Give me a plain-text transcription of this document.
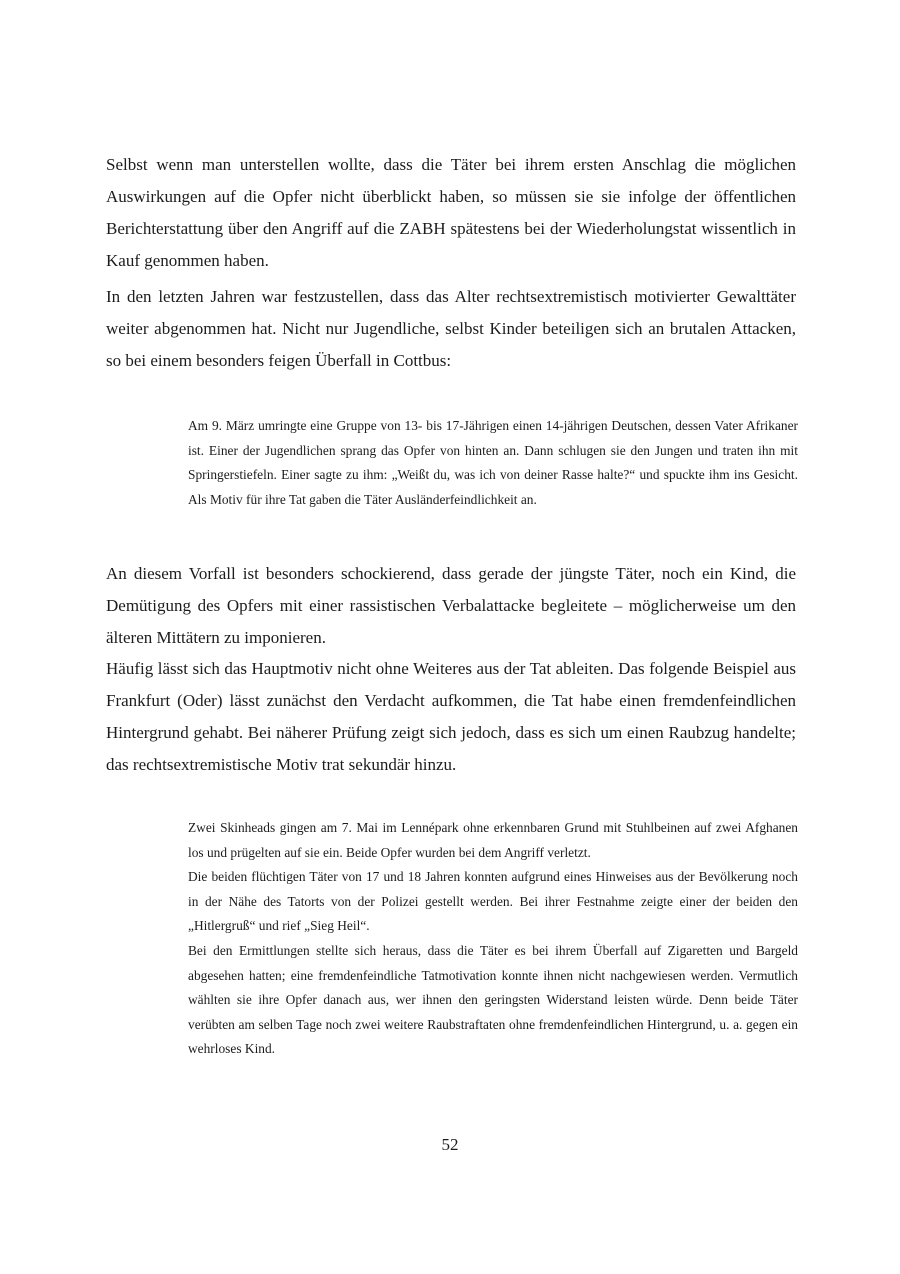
Selbst wenn man unterstellen wollte, dass die Täter bei ihrem ersten Anschlag die möglichen Auswirkungen auf die Opfer nicht überblickt haben, so müssen sie sie infolge der öffentlichen Berichterstattung über den Angriff auf die ZABH spätestens bei der Wiederholungstat wissentlich in Kauf genommen haben.

In den letzten Jahren war festzustellen, dass das Alter rechtsextremistisch motivierter Gewalttäter weiter abgenommen hat. Nicht nur Jugendliche, selbst Kinder beteiligen sich an brutalen Attacken, so bei einem besonders feigen Überfall in Cottbus:

Am 9. März umringte eine Gruppe von 13- bis 17-Jährigen einen 14-jährigen Deutschen, dessen Vater Afrikaner ist. Einer der Jugendlichen sprang das Opfer von hinten an. Dann schlugen sie den Jungen und traten ihn mit Springerstiefeln. Einer sagte zu ihm: „Weißt du, was ich von deiner Rasse halte?“ und spuckte ihm ins Gesicht. Als Motiv für ihre Tat gaben die Täter Ausländerfeindlichkeit an.

An diesem Vorfall ist besonders schockierend, dass gerade der jüngste Täter, noch ein Kind, die Demütigung des Opfers mit einer rassistischen Verbalattacke begleitete – möglicherweise um den älteren Mittätern zu imponieren.

Häufig lässt sich das Hauptmotiv nicht ohne Weiteres aus der Tat ableiten. Das folgende Beispiel aus Frankfurt (Oder) lässt zunächst den Verdacht aufkommen, die Tat habe einen fremdenfeindlichen Hintergrund gehabt. Bei näherer Prüfung zeigt sich jedoch, dass es sich um einen Raubzug handelte; das rechtsextremistische Motiv trat sekundär hinzu.

Zwei Skinheads gingen am 7. Mai im Lennépark ohne erkennbaren Grund mit Stuhlbeinen auf zwei Afghanen los und prügelten auf sie ein. Beide Opfer wurden bei dem Angriff verletzt.

Die beiden flüchtigen Täter von 17 und 18 Jahren konnten aufgrund eines Hinweises aus der Bevölkerung noch in der Nähe des Tatorts von der Polizei gestellt werden. Bei ihrer Festnahme zeigte einer der beiden den „Hitlergruß“ und rief „Sieg Heil“.

Bei den Ermittlungen stellte sich heraus, dass die Täter es bei ihrem Überfall auf Zigaretten und Bargeld abgesehen hatten; eine fremdenfeindliche Tatmotivation konnte ihnen nicht nachgewiesen werden. Vermutlich wählten sie ihre Opfer danach aus, wer ihnen den geringsten Widerstand leisten würde. Denn beide Täter verübten am selben Tage noch zwei weitere Raubstraftaten ohne fremdenfeindlichen Hintergrund, u. a. gegen ein wehrloses Kind.

52
